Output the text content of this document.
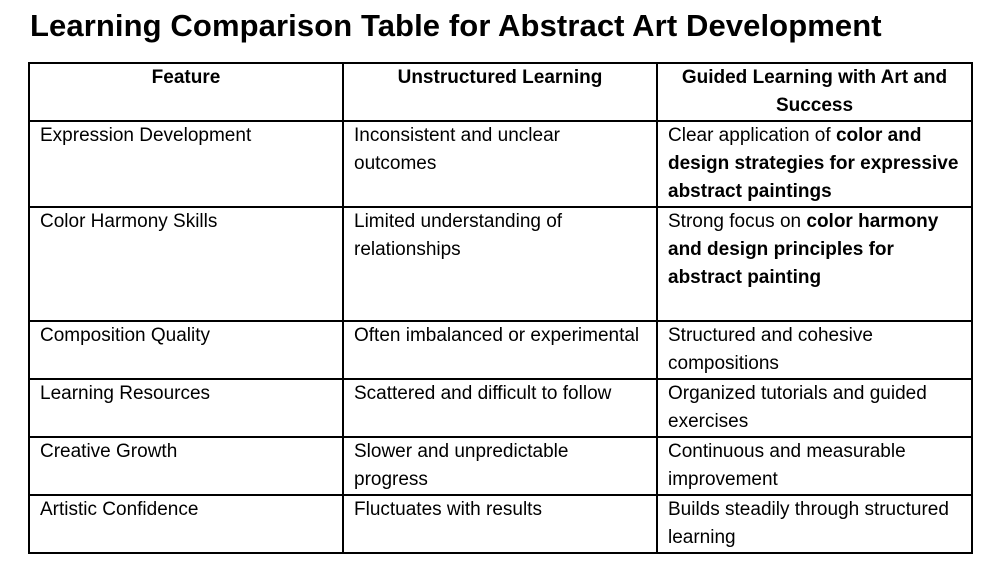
Learning Comparison Table for Abstract Art Development
Feature	Unstructured Learning	Guided Learning with Art and Success
Expression Development	Inconsistent and unclear outcomes	Clear application of color and design strategies for expressive abstract paintings
Color Harmony Skills	Limited understanding of relationships	Strong focus on color harmony and design principles for abstract painting
Composition Quality	Often imbalanced or experimental	Structured and cohesive compositions
Learning Resources	Scattered and difficult to follow	Organized tutorials and guided exercises
Creative Growth	Slower and unpredictable progress	Continuous and measurable improvement
Artistic Confidence	Fluctuates with results	Builds steadily through structured learning
